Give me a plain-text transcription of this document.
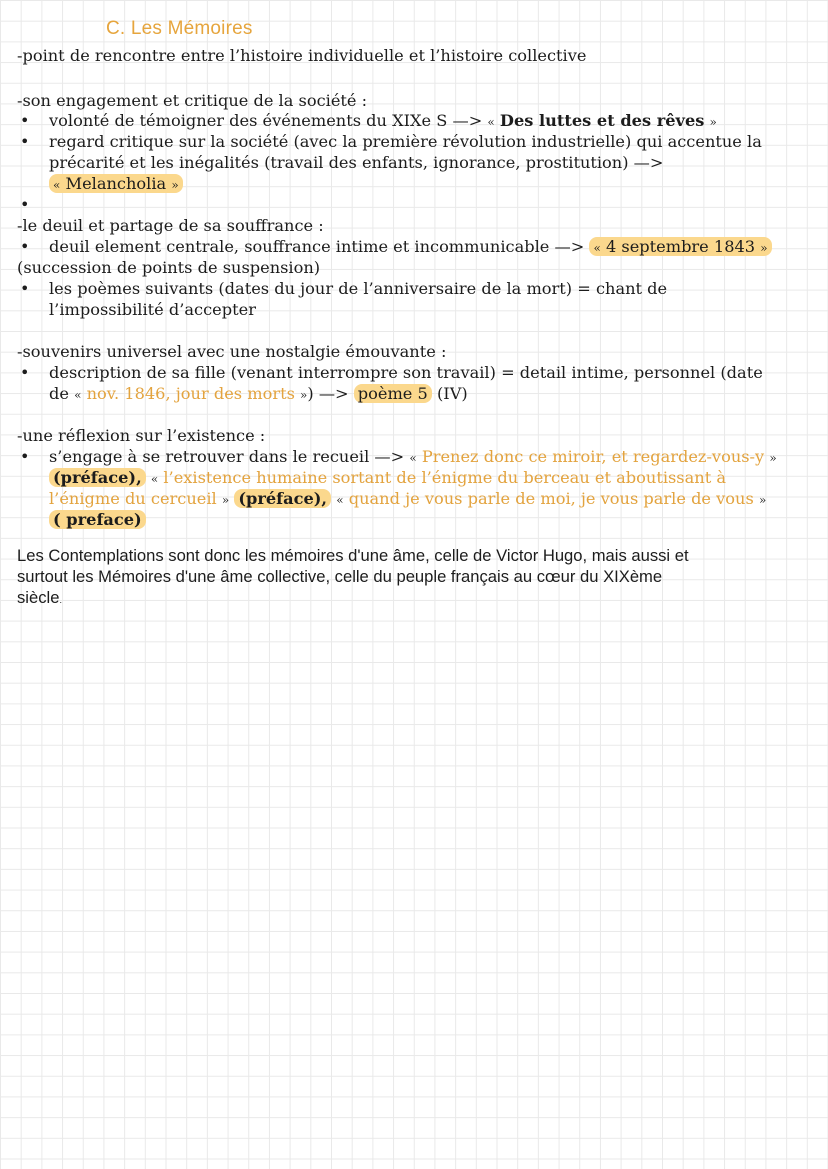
C. Les Mémoires
-point de rencontre entre l’histoire individuelle et l’histoire collective
-son engagement et critique de la société :
• volonté de témoigner des événements du XIXe S —> « Des luttes et des rêves »
• regard critique sur la société (avec la première révolution industrielle) qui accentue la
précarité et les inégalités (travail des enfants, ignorance, prostitution) —>
« Melancholia »
•
-le deuil et partage de sa souffrance :
• deuil element centrale, souffrance intime et incommunicable —> « 4 septembre 1843 »
(succession de points de suspension)
• les poèmes suivants (dates du jour de l’anniversaire de la mort) = chant de
l’impossibilité d’accepter
-souvenirs universel avec une nostalgie émouvante :
• description de sa fille (venant interrompre son travail) = detail intime, personnel (date
de « nov. 1846, jour des morts ») —> poème 5 (IV)
-une réflexion sur l’existence :
• s’engage à se retrouver dans le recueil —> « Prenez donc ce miroir, et regardez-vous-y »
(préface), « l’existence humaine sortant de l’énigme du berceau et aboutissant à
l’énigme du cercueil » (préface), « quand je vous parle de moi, je vous parle de vous »
( preface)
Les Contemplations sont donc les mémoires d'une âme, celle de Victor Hugo, mais aussi et
surtout les Mémoires d'une âme collective, celle du peuple français au cœur du XIXème
siècle.
